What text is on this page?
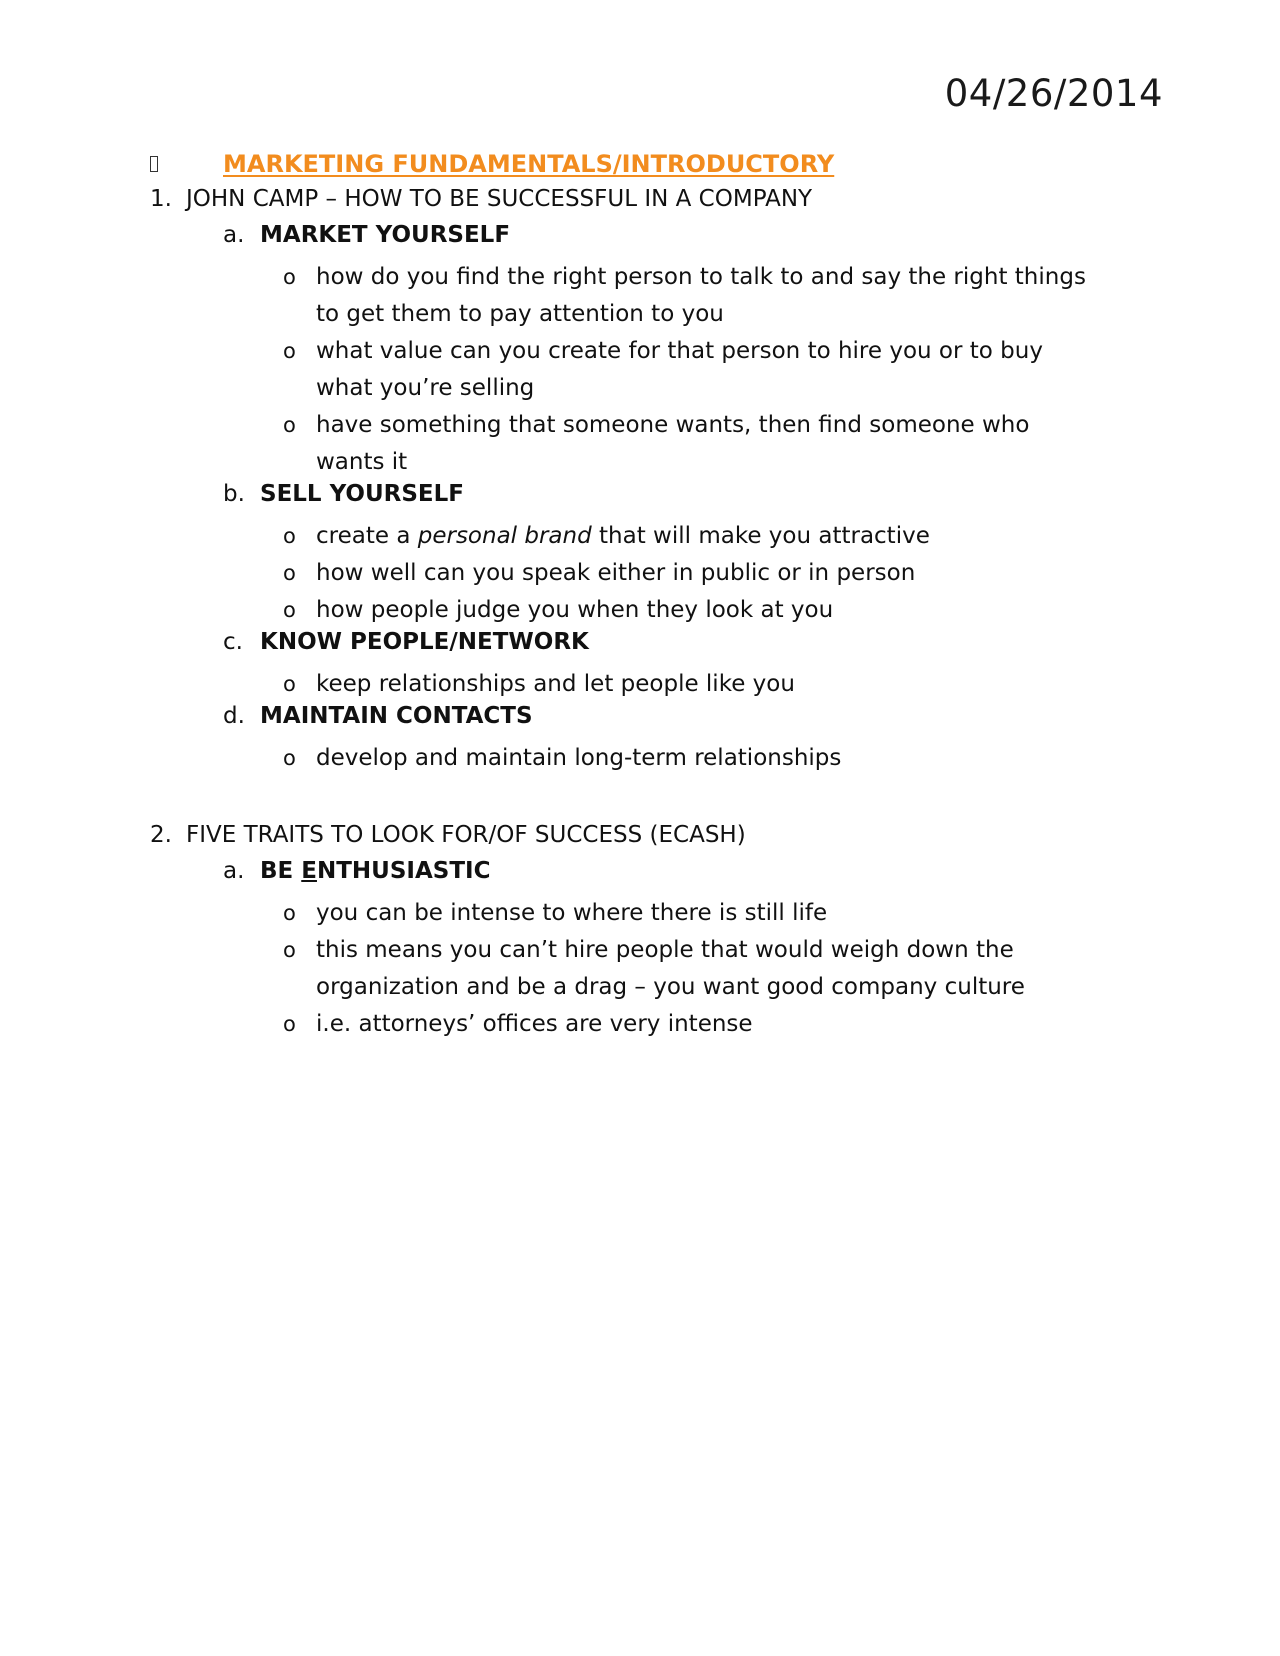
04/26/2014
MARKETING FUNDAMENTALS/INTRODUCTORY
1. JOHN CAMP – HOW TO BE SUCCESSFUL IN A COMPANY
a. MARKET YOURSELF
o how do you find the right person to talk to and say the right things to get them to pay attention to you
o what value can you create for that person to hire you or to buy what you’re selling
o have something that someone wants, then find someone who wants it
b. SELL YOURSELF
o create a personal brand that will make you attractive
o how well can you speak either in public or in person
o how people judge you when they look at you
c. KNOW PEOPLE/NETWORK
o keep relationships and let people like you
d. MAINTAIN CONTACTS
o develop and maintain long-term relationships
2. FIVE TRAITS TO LOOK FOR/OF SUCCESS (ECASH)
a. BE ENTHUSIASTIC
o you can be intense to where there is still life
o this means you can’t hire people that would weigh down the organization and be a drag – you want good company culture
o i.e. attorneys’ offices are very intense
